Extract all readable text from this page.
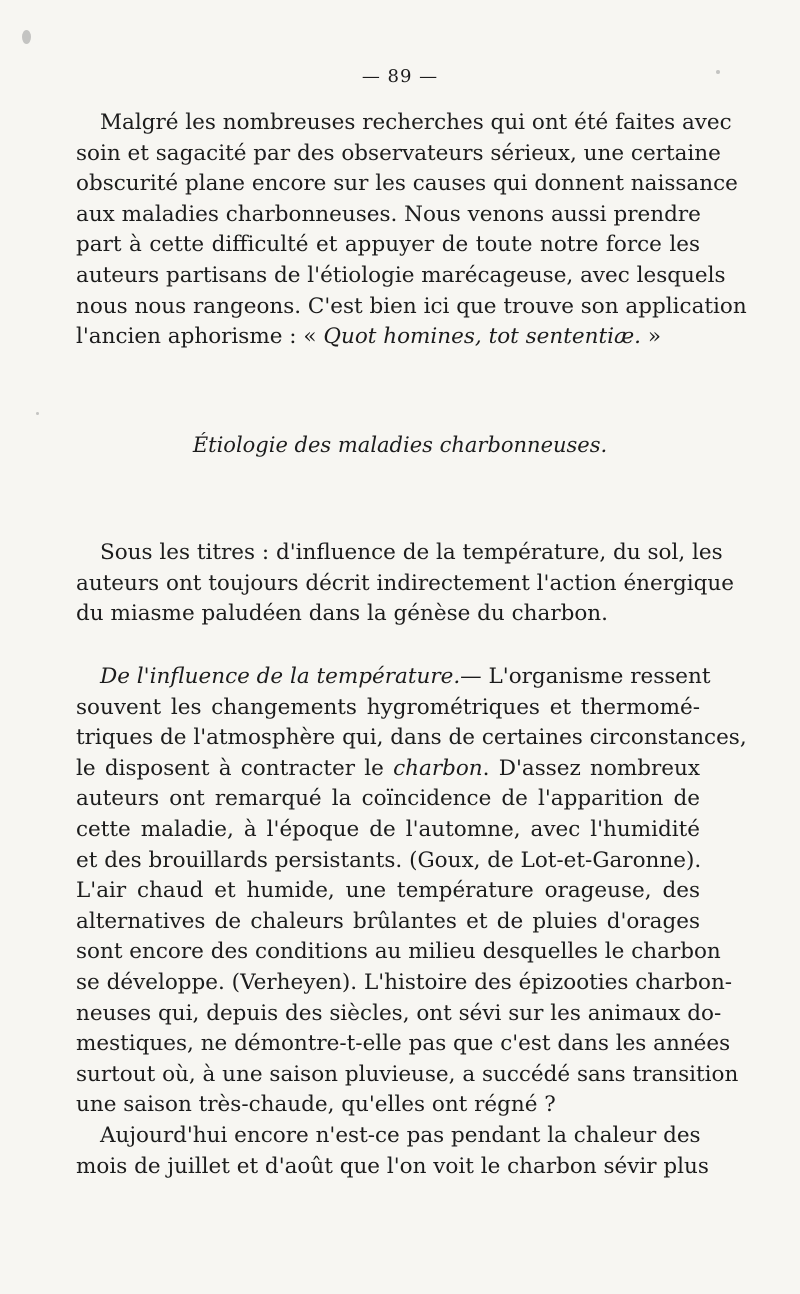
— 89 —
Malgré les nombreuses recherches qui ont été faites avec
soin et sagacité par des observateurs sérieux, une certaine
obscurité plane encore sur les causes qui donnent naissance
aux maladies charbonneuses. Nous venons aussi prendre
part à cette difficulté et appuyer de toute notre force les
auteurs partisans de l'étiologie marécageuse, avec lesquels
nous nous rangeons. C'est bien ici que trouve son application
l'ancien aphorisme : « Quot homines, tot sententiæ. »
Étiologie des maladies charbonneuses.
Sous les titres : d'influence de la température, du sol, les
auteurs ont toujours décrit indirectement l'action énergique
du miasme paludéen dans la génèse du charbon.
De l'influence de la température.— L'organisme ressent
souvent les changements hygrométriques et thermomé-
triques de l'atmosphère qui, dans de certaines circonstances,
le disposent à contracter le charbon. D'assez nombreux
auteurs ont remarqué la coïncidence de l'apparition de
cette maladie, à l'époque de l'automne, avec l'humidité
et des brouillards persistants. (Goux, de Lot-et-Garonne).
L'air chaud et humide, une température orageuse, des
alternatives de chaleurs brûlantes et de pluies d'orages
sont encore des conditions au milieu desquelles le charbon
se développe. (Verheyen). L'histoire des épizooties charbon-
neuses qui, depuis des siècles, ont sévi sur les animaux do-
mestiques, ne démontre-t-elle pas que c'est dans les années
surtout où, à une saison pluvieuse, a succédé sans transition
une saison très-chaude, qu'elles ont régné ?
Aujourd'hui encore n'est-ce pas pendant la chaleur des
mois de juillet et d'août que l'on voit le charbon sévir plus
